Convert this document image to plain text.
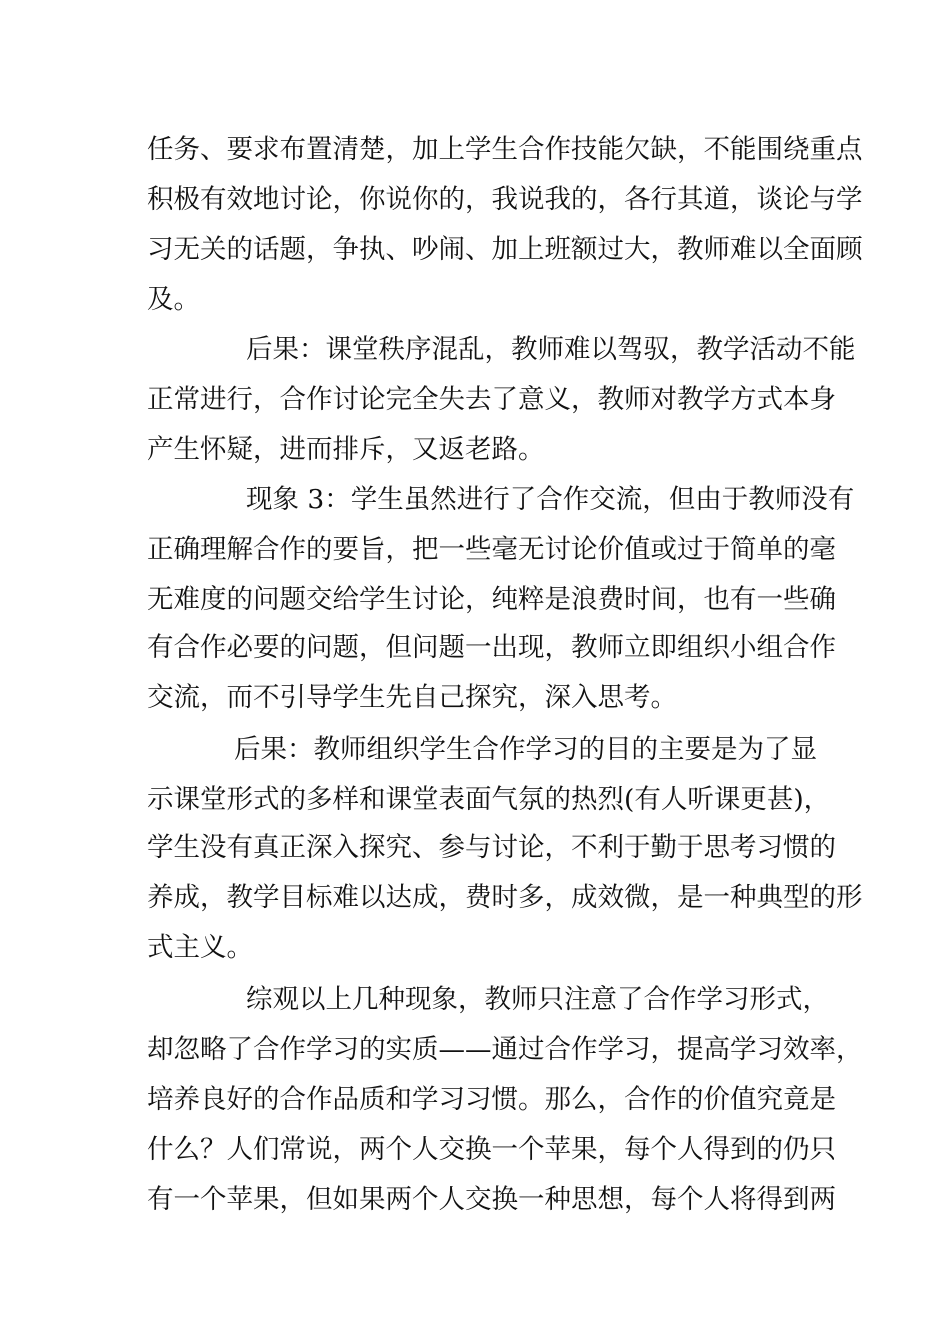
任务、要求布置清楚，加上学生合作技能欠缺，不能围绕重点

积极有效地讨论，你说你的，我说我的，各行其道，谈论与学

习无关的话题，争执、吵闹、加上班额过大，教师难以全面顾

及。

后果：课堂秩序混乱，教师难以驾驭，教学活动不能

正常进行，合作讨论完全失去了意义，教师对教学方式本身

产生怀疑，进而排斥，又返老路。

现象 3：学生虽然进行了合作交流，但由于教师没有

正确理解合作的要旨，把一些毫无讨论价值或过于简单的毫

无难度的问题交给学生讨论，纯粹是浪费时间，也有一些确

有合作必要的问题，但问题一出现，教师立即组织小组合作

交流，而不引导学生先自己探究，深入思考。

后果：教师组织学生合作学习的目的主要是为了显

示课堂形式的多样和课堂表面气氛的热烈(有人听课更甚)，

学生没有真正深入探究、参与讨论，不利于勤于思考习惯的

养成，教学目标难以达成，费时多，成效微，是一种典型的形

式主义。

综观以上几种现象，教师只注意了合作学习形式，

却忽略了合作学习的实质——通过合作学习，提高学习效率，

培养良好的合作品质和学习习惯。那么，合作的价值究竟是

什么？人们常说，两个人交换一个苹果，每个人得到的仍只

有一个苹果，但如果两个人交换一种思想，每个人将得到两
